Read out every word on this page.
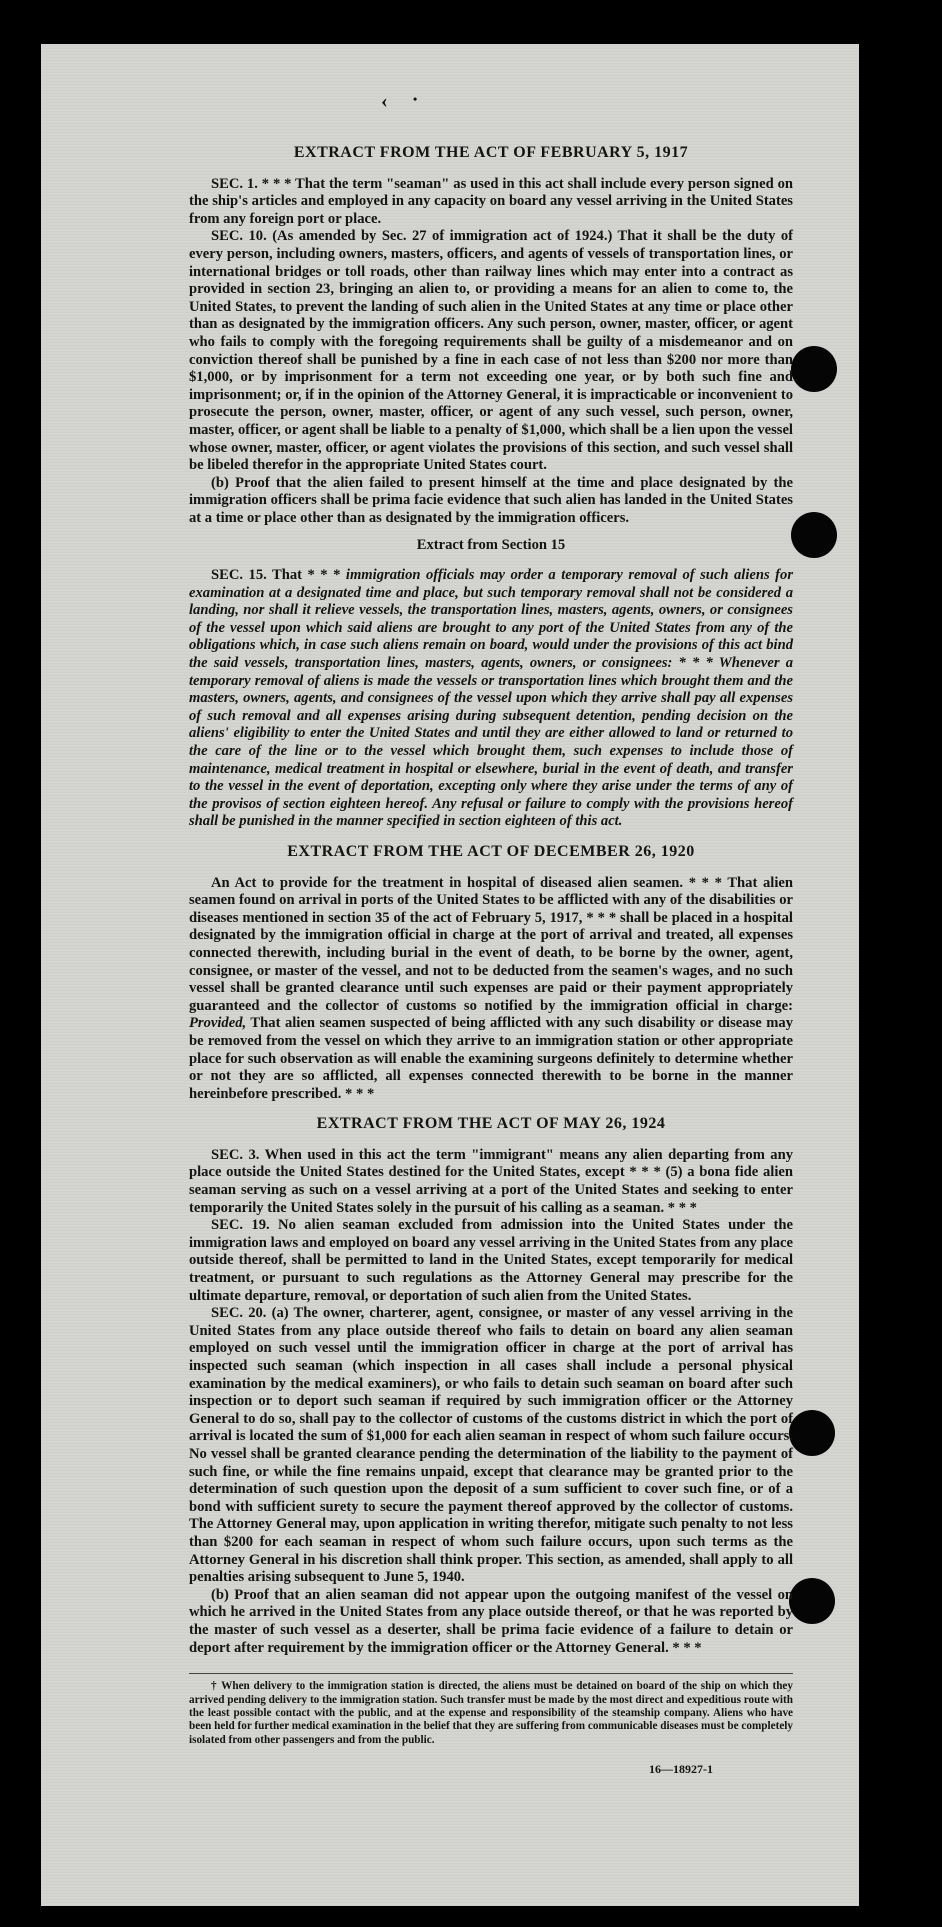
‹ •
EXTRACT FROM THE ACT OF FEBRUARY 5, 1917

SEC. 1. * * * That the term "seaman" as used in this act shall include every person signed on the ship's articles and employed in any capacity on board any vessel arriving in the United States from any foreign port or place.

SEC. 10. (As amended by Sec. 27 of immigration act of 1924.) That it shall be the duty of every person, including owners, masters, officers, and agents of vessels of transportation lines, or international bridges or toll roads, other than railway lines which may enter into a contract as provided in section 23, bringing an alien to, or providing a means for an alien to come to, the United States, to prevent the landing of such alien in the United States at any time or place other than as designated by the immigration officers. Any such person, owner, master, officer, or agent who fails to comply with the foregoing requirements shall be guilty of a misdemeanor and on conviction thereof shall be punished by a fine in each case of not less than $200 nor more than $1,000, or by imprisonment for a term not exceeding one year, or by both such fine and imprisonment; or, if in the opinion of the Attorney General, it is impracticable or inconvenient to prosecute the person, owner, master, officer, or agent of any such vessel, such person, owner, master, officer, or agent shall be liable to a penalty of $1,000, which shall be a lien upon the vessel whose owner, master, officer, or agent violates the provisions of this section, and such vessel shall be libeled therefor in the appropriate United States court.

(b) Proof that the alien failed to present himself at the time and place designated by the immigration officers shall be prima facie evidence that such alien has landed in the United States at a time or place other than as designated by the immigration officers.

Extract from Section 15

SEC. 15. That * * * immigration officials may order a temporary removal of such aliens for examination at a designated time and place, but such temporary removal shall not be considered a landing, nor shall it relieve vessels, the transportation lines, masters, agents, owners, or consignees of the vessel upon which said aliens are brought to any port of the United States from any of the obligations which, in case such aliens remain on board, would under the provisions of this act bind the said vessels, transportation lines, masters, agents, owners, or consignees: * * * Whenever a temporary removal of aliens is made the vessels or transportation lines which brought them and the masters, owners, agents, and consignees of the vessel upon which they arrive shall pay all expenses of such removal and all expenses arising during subsequent detention, pending decision on the aliens' eligibility to enter the United States and until they are either allowed to land or returned to the care of the line or to the vessel which brought them, such expenses to include those of maintenance, medical treatment in hospital or elsewhere, burial in the event of death, and transfer to the vessel in the event of deportation, excepting only where they arise under the terms of any of the provisos of section eighteen hereof. Any refusal or failure to comply with the provisions hereof shall be punished in the manner specified in section eighteen of this act.

EXTRACT FROM THE ACT OF DECEMBER 26, 1920

An Act to provide for the treatment in hospital of diseased alien seamen. * * * That alien seamen found on arrival in ports of the United States to be afflicted with any of the disabilities or diseases mentioned in section 35 of the act of February 5, 1917, * * * shall be placed in a hospital designated by the immigration official in charge at the port of arrival and treated, all expenses connected therewith, including burial in the event of death, to be borne by the owner, agent, consignee, or master of the vessel, and not to be deducted from the seamen's wages, and no such vessel shall be granted clearance until such expenses are paid or their payment appropriately guaranteed and the collector of customs so notified by the immigration official in charge: Provided, That alien seamen suspected of being afflicted with any such disability or disease may be removed from the vessel on which they arrive to an immigration station or other appropriate place for such observation as will enable the examining surgeons definitely to determine whether or not they are so afflicted, all expenses connected therewith to be borne in the manner hereinbefore prescribed. * * *

EXTRACT FROM THE ACT OF MAY 26, 1924

SEC. 3. When used in this act the term "immigrant" means any alien departing from any place outside the United States destined for the United States, except * * * (5) a bona fide alien seaman serving as such on a vessel arriving at a port of the United States and seeking to enter temporarily the United States solely in the pursuit of his calling as a seaman. * * *

SEC. 19. No alien seaman excluded from admission into the United States under the immigration laws and employed on board any vessel arriving in the United States from any place outside thereof, shall be permitted to land in the United States, except temporarily for medical treatment, or pursuant to such regulations as the Attorney General may prescribe for the ultimate departure, removal, or deportation of such alien from the United States.

SEC. 20. (a) The owner, charterer, agent, consignee, or master of any vessel arriving in the United States from any place outside thereof who fails to detain on board any alien seaman employed on such vessel until the immigration officer in charge at the port of arrival has inspected such seaman (which inspection in all cases shall include a personal physical examination by the medical examiners), or who fails to detain such seaman on board after such inspection or to deport such seaman if required by such immigration officer or the Attorney General to do so, shall pay to the collector of customs of the customs district in which the port of arrival is located the sum of $1,000 for each alien seaman in respect of whom such failure occurs. No vessel shall be granted clearance pending the determination of the liability to the payment of such fine, or while the fine remains unpaid, except that clearance may be granted prior to the determination of such question upon the deposit of a sum sufficient to cover such fine, or of a bond with sufficient surety to secure the payment thereof approved by the collector of customs. The Attorney General may, upon application in writing therefor, mitigate such penalty to not less than $200 for each seaman in respect of whom such failure occurs, upon such terms as the Attorney General in his discretion shall think proper. This section, as amended, shall apply to all penalties arising subsequent to June 5, 1940.

(b) Proof that an alien seaman did not appear upon the outgoing manifest of the vessel on which he arrived in the United States from any place outside thereof, or that he was reported by the master of such vessel as a deserter, shall be prima facie evidence of a failure to detain or deport after requirement by the immigration officer or the Attorney General. * * *

† When delivery to the immigration station is directed, the aliens must be detained on board of the ship on which they arrived pending delivery to the immigration station. Such transfer must be made by the most direct and expeditious route with the least possible contact with the public, and at the expense and responsibility of the steamship company. Aliens who have been held for further medical examination in the belief that they are suffering from communicable diseases must be completely isolated from other passengers and from the public.

16—18927-1
